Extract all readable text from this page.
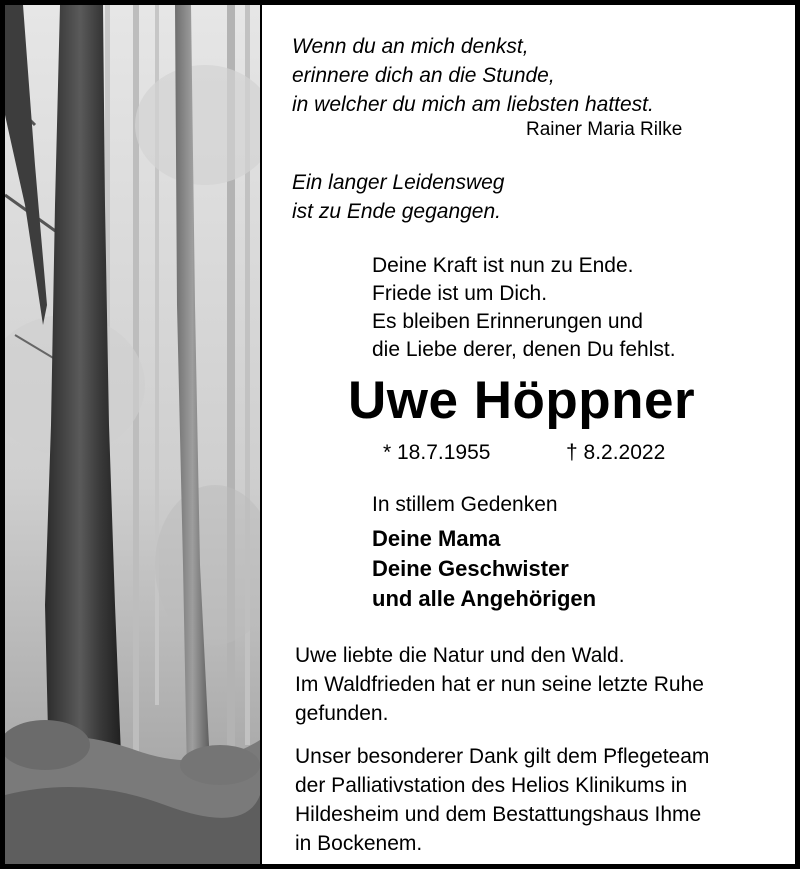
Wenn du an mich denkst,
erinnere dich an die Stunde,
in welcher du mich am liebsten hattest.
Rainer Maria Rilke
Ein langer Leidensweg
ist zu Ende gegangen.
Deine Kraft ist nun zu Ende.
Friede ist um Dich.
Es bleiben Erinnerungen und
die Liebe derer, denen Du fehlst.
Uwe Höppner
* 18.7.1955	† 8.2.2022
In stillem Gedenken
Deine Mama
Deine Geschwister
und alle Angehörigen
Uwe liebte die Natur und den Wald.
Im Waldfrieden hat er nun seine letzte Ruhe
gefunden.
Unser besonderer Dank gilt dem Pflegeteam
der Palliativstation des Helios Klinikums in
Hildesheim und dem Bestattungshaus Ihme
in Bockenem.
